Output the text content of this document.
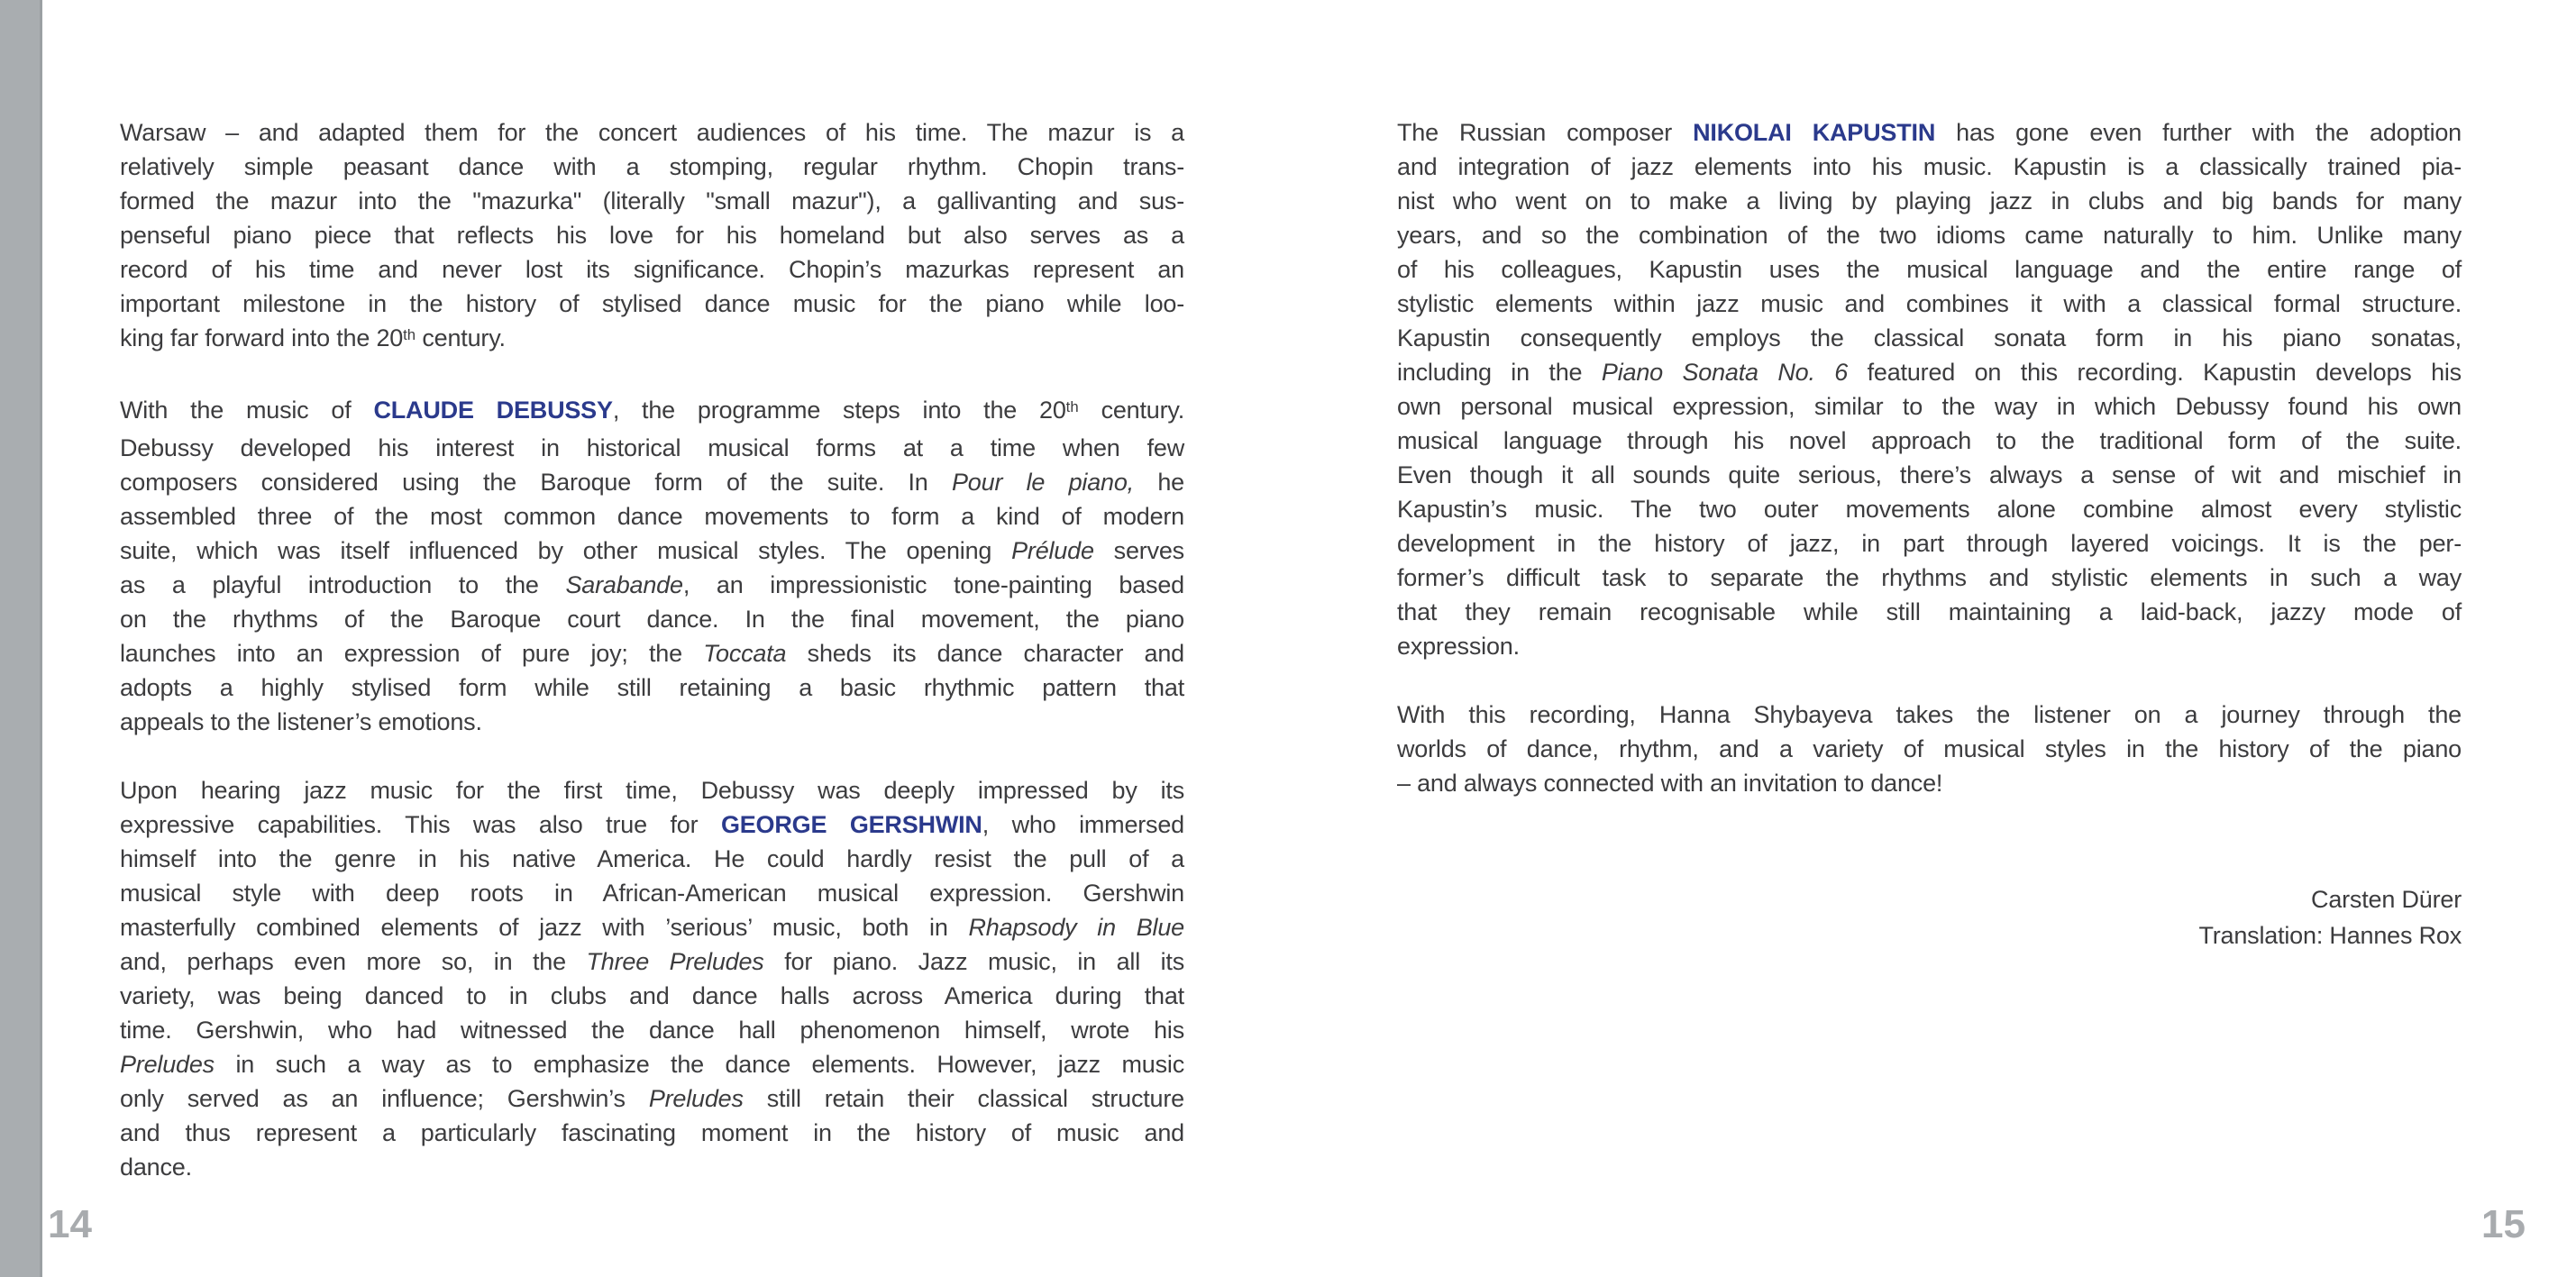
Warsaw – and adapted them for the concert audiences of his time. The mazur is a
relatively simple peasant dance with a stomping, regular rhythm. Chopin trans-
formed the mazur into the "mazurka" (literally "small mazur"), a gallivanting and sus-
penseful piano piece that reflects his love for his homeland but also serves as a
record of his time and never lost its significance. Chopin’s mazurkas represent an
important milestone in the history of stylised dance music for the piano while loo-
king far forward into the 20th century.
With the music of CLAUDE DEBUSSY, the programme steps into the 20th century.
Debussy developed his interest in historical musical forms at a time when few
composers considered using the Baroque form of the suite. In Pour le piano, he
assembled three of the most common dance movements to form a kind of modern
suite, which was itself influenced by other musical styles. The opening Prélude serves
as a playful introduction to the Sarabande, an impressionistic tone-painting based
on the rhythms of the Baroque court dance. In the final movement, the piano
launches into an expression of pure joy; the Toccata sheds its dance character and
adopts a highly stylised form while still retaining a basic rhythmic pattern that
appeals to the listener’s emotions.
Upon hearing jazz music for the first time, Debussy was deeply impressed by its
expressive capabilities. This was also true for GEORGE GERSHWIN, who immersed
himself into the genre in his native America. He could hardly resist the pull of a
musical style with deep roots in African-American musical expression. Gershwin
masterfully combined elements of jazz with ’serious’ music, both in Rhapsody in Blue
and, perhaps even more so, in the Three Preludes for piano. Jazz music, in all its
variety, was being danced to in clubs and dance halls across America during that
time. Gershwin, who had witnessed the dance hall phenomenon himself, wrote his
Preludes in such a way as to emphasize the dance elements. However, jazz music
only served as an influence; Gershwin’s Preludes still retain their classical structure
and thus represent a particularly fascinating moment in the history of music and
dance.
14
The Russian composer NIKOLAI KAPUSTIN has gone even further with the adoption
and integration of jazz elements into his music. Kapustin is a classically trained pia-
nist who went on to make a living by playing jazz in clubs and big bands for many
years, and so the combination of the two idioms came naturally to him. Unlike many
of his colleagues, Kapustin uses the musical language and the entire range of
stylistic elements within jazz music and combines it with a classical formal structure.
Kapustin consequently employs the classical sonata form in his piano sonatas,
including in the Piano Sonata No. 6 featured on this recording. Kapustin develops his
own personal musical expression, similar to the way in which Debussy found his own
musical language through his novel approach to the traditional form of the suite.
Even though it all sounds quite serious, there’s always a sense of wit and mischief in
Kapustin’s music. The two outer movements alone combine almost every stylistic
development in the history of jazz, in part through layered voicings. It is the per-
former’s difficult task to separate the rhythms and stylistic elements in such a way
that they remain recognisable while still maintaining a laid-back, jazzy mode of
expression.
With this recording, Hanna Shybayeva takes the listener on a journey through the
worlds of dance, rhythm, and a variety of musical styles in the history of the piano
– and always connected with an invitation to dance!
Carsten Dürer
Translation: Hannes Rox
15
